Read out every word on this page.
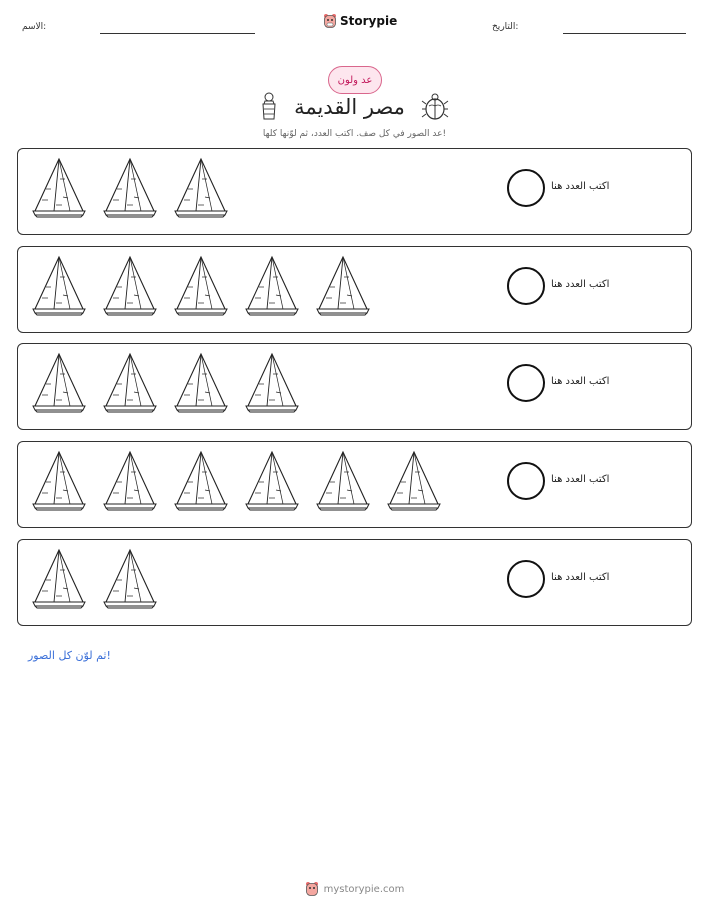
الاسم:	Storypie	التاريخ:
عد ولون
مصر القديمة
عد الصور في كل صف. اكتب العدد، ثم لوّنها كلها!
اكتب العدد هنا
اكتب العدد هنا
اكتب العدد هنا
اكتب العدد هنا
اكتب العدد هنا
ثم لوّن كل الصور!
mystorypie.com
